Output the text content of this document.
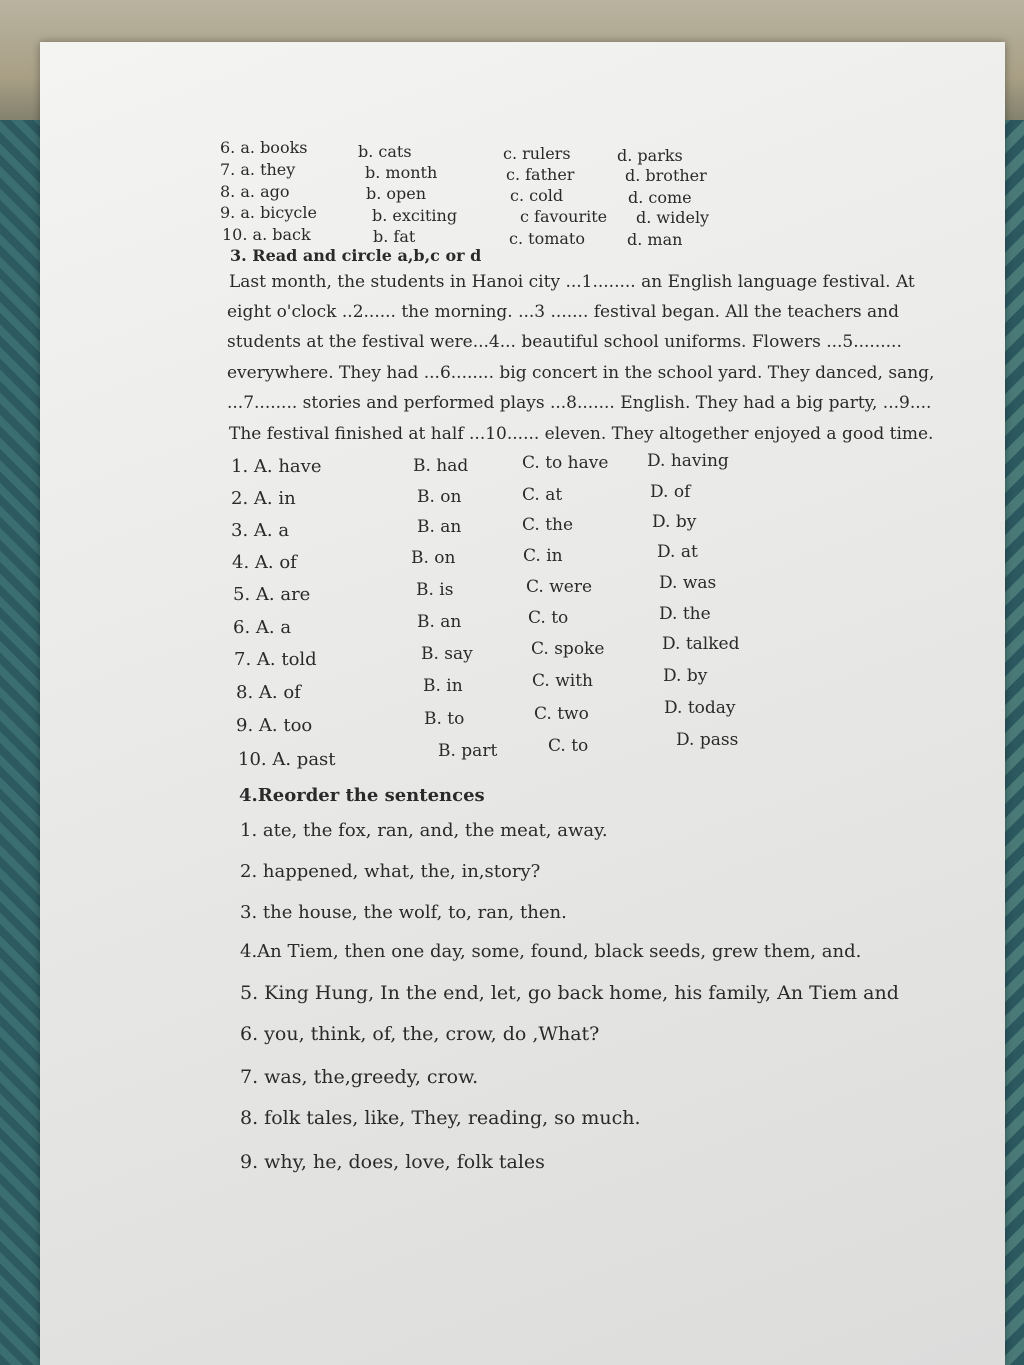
6. a. books	b. cats	c. rulers	d. parks
7. a. they	b. month	c. father	d. brother
8. a. ago	b. open	c. cold	d. come
9. a. bicycle	b. exciting	c favourite d. widely
10. a. back	b. fat	c. tomato	d. man
3. Read and circle a,b,c or d
Last month, the students in Hanoi city ...1........ an English language festival. At
eight o'clock ..2...... the morning. ...3 ....... festival began. All the teachers and
students at the festival were...4... beautiful school uniforms. Flowers ...5.........
everywhere. They had ...6........ big concert in the school yard. They danced, sang,
...7........ stories and performed plays ...8....... English. They had a big party, ...9....
The festival finished at half ...10...... eleven. They altogether enjoyed a good time.
1. A. have	B. had	C. to have D. having
2. A. in	B. on	C. at	D. of
3. A. a	B. an	C. the	D. by
4. A. of	B. on	C. in	D. at
5. A. are	B. is	C. were	D. was
6. A. a	B. an	C. to	D. the
7. A. told	B. say	C. spoke	D. talked
8. A. of	B. in	C. with	D. by
9. A. too	B. to	C. two	D. today
10. A. past	B. part	C. to	D. pass
4.Reorder the sentences
1. ate, the fox, ran, and, the meat, away.
2. happened, what, the, in,story?
3. the house, the wolf, to, ran, then.
4.An Tiem, then one day, some, found, black seeds, grew them, and.
5. King Hung, In the end, let, go back home, his family, An Tiem and
6. you, think, of, the, crow, do ,What?
7. was, the,greedy, crow.
8. folk tales, like, They, reading, so much.
9. why, he, does, love, folk tales
